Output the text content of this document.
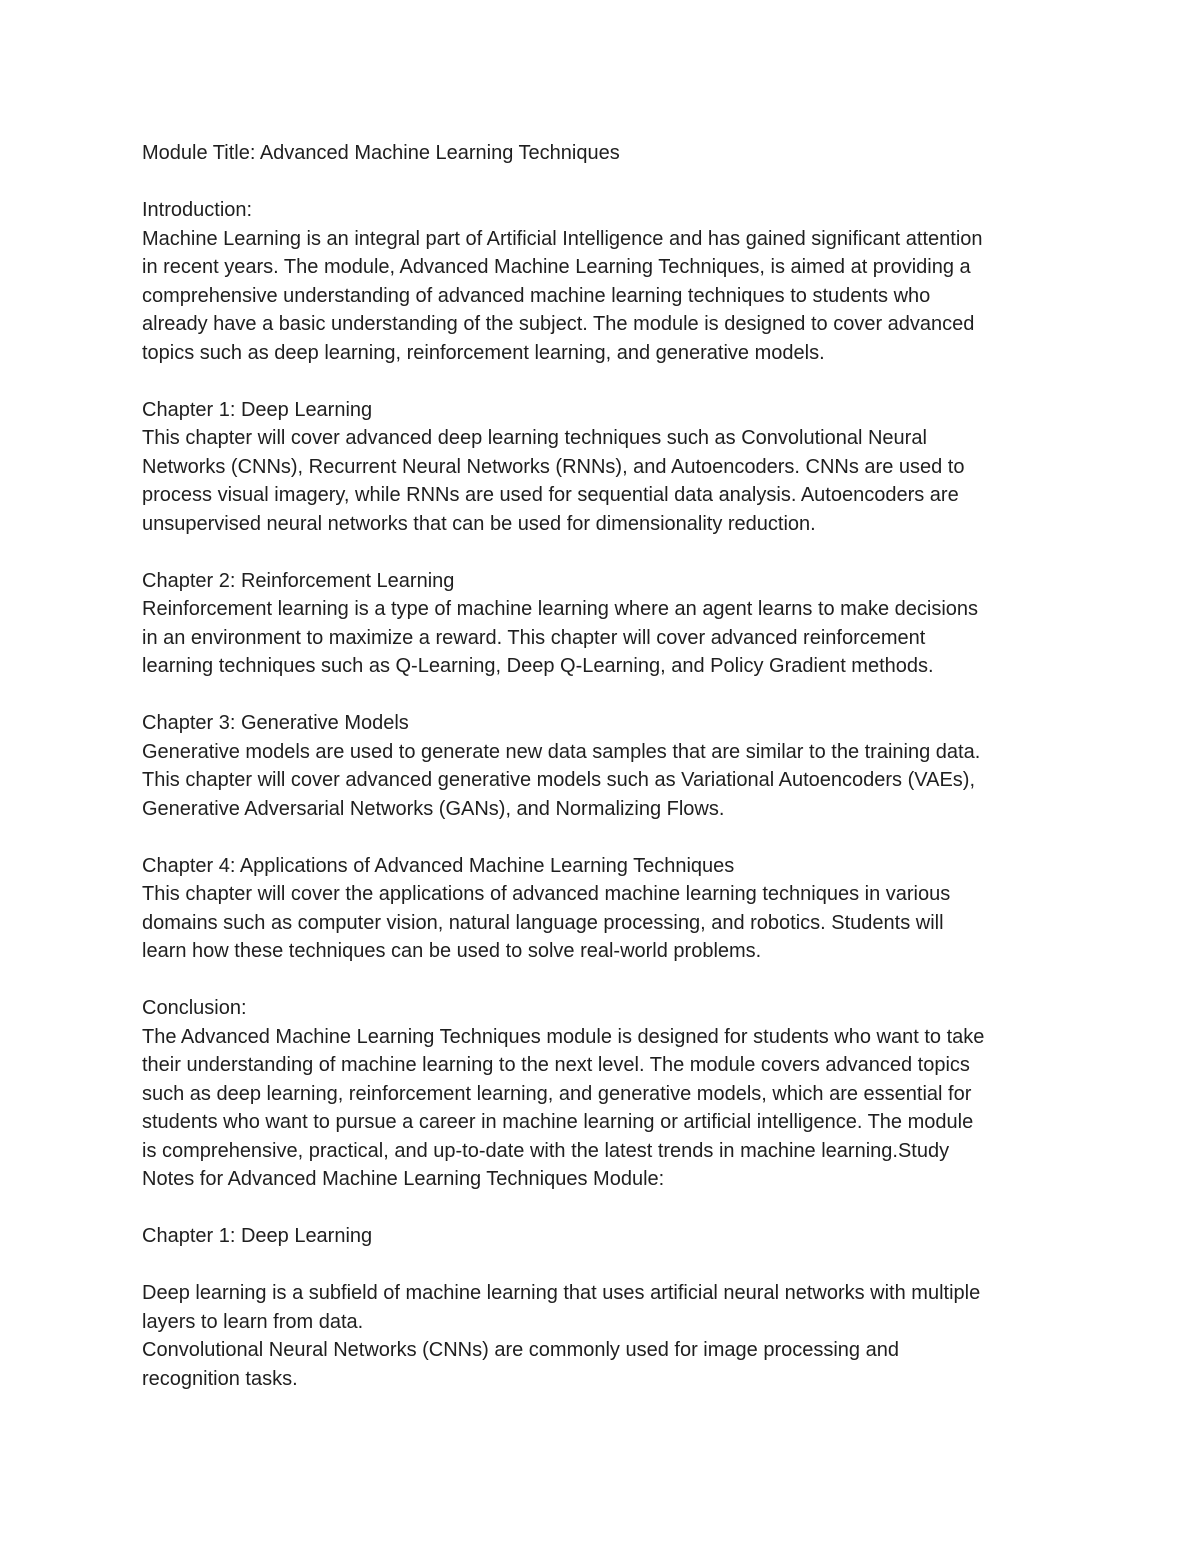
Module Title: Advanced Machine Learning Techniques
Introduction:
Machine Learning is an integral part of Artificial Intelligence and has gained significant attention
in recent years. The module, Advanced Machine Learning Techniques, is aimed at providing a
comprehensive understanding of advanced machine learning techniques to students who
already have a basic understanding of the subject. The module is designed to cover advanced
topics such as deep learning, reinforcement learning, and generative models.
Chapter 1: Deep Learning
This chapter will cover advanced deep learning techniques such as Convolutional Neural
Networks (CNNs), Recurrent Neural Networks (RNNs), and Autoencoders. CNNs are used to
process visual imagery, while RNNs are used for sequential data analysis. Autoencoders are
unsupervised neural networks that can be used for dimensionality reduction.
Chapter 2: Reinforcement Learning
Reinforcement learning is a type of machine learning where an agent learns to make decisions
in an environment to maximize a reward. This chapter will cover advanced reinforcement
learning techniques such as Q-Learning, Deep Q-Learning, and Policy Gradient methods.
Chapter 3: Generative Models
Generative models are used to generate new data samples that are similar to the training data.
This chapter will cover advanced generative models such as Variational Autoencoders (VAEs),
Generative Adversarial Networks (GANs), and Normalizing Flows.
Chapter 4: Applications of Advanced Machine Learning Techniques
This chapter will cover the applications of advanced machine learning techniques in various
domains such as computer vision, natural language processing, and robotics. Students will
learn how these techniques can be used to solve real-world problems.
Conclusion:
The Advanced Machine Learning Techniques module is designed for students who want to take
their understanding of machine learning to the next level. The module covers advanced topics
such as deep learning, reinforcement learning, and generative models, which are essential for
students who want to pursue a career in machine learning or artificial intelligence. The module
is comprehensive, practical, and up-to-date with the latest trends in machine learning.Study
Notes for Advanced Machine Learning Techniques Module:
Chapter 1: Deep Learning
Deep learning is a subfield of machine learning that uses artificial neural networks with multiple
layers to learn from data.
Convolutional Neural Networks (CNNs) are commonly used for image processing and
recognition tasks.
